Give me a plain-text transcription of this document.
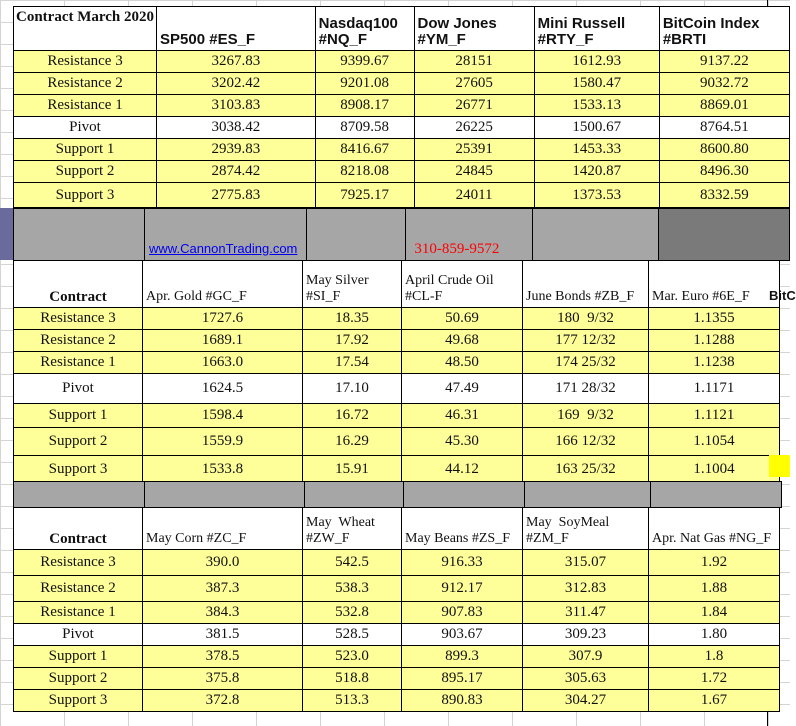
Contract March 2020	SP500 #ES_F	Nasdaq100 #NQ_F	Dow Jones #YM_F	Mini Russell #RTY_F	BitCoin Index #BRTI
Resistance 3	3267.83	9399.67	28151	1612.93	9137.22
Resistance 2	3202.42	9201.08	27605	1580.47	9032.72
Resistance 1	3103.83	8908.17	26771	1533.13	8869.01
Pivot	3038.42	8709.58	26225	1500.67	8764.51
Support 1	2939.83	8416.67	25391	1453.33	8600.80
Support 2	2874.42	8218.08	24845	1420.87	8496.30
Support 3	2775.83	7925.17	24011	1373.53	8332.59
	www.CannonTrading.com		310-859-9572		
Contract	Apr. Gold #GC_F	May Silver #SI_F	April Crude Oil #CL-F	June Bonds #ZB_F	Mar. Euro #6E_F
Resistance 3	1727.6	18.35	50.69	180  9/32	1.1355
Resistance 2	1689.1	17.92	49.68	177 12/32	1.1288
Resistance 1	1663.0	17.54	48.50	174 25/32	1.1238
Pivot	1624.5	17.10	47.49	171 28/32	1.1171
Support 1	1598.4	16.72	46.31	169  9/32	1.1121
Support 2	1559.9	16.29	45.30	166 12/32	1.1054
Support 3	1533.8	15.91	44.12	163 25/32	1.1004
BitC

Contract	May Corn #ZC_F	May  Wheat #ZW_F	May Beans #ZS_F	May  SoyMeal #ZM_F	Apr. Nat Gas #NG_F
Resistance 3	390.0	542.5	916.33	315.07	1.92
Resistance 2	387.3	538.3	912.17	312.83	1.88
Resistance 1	384.3	532.8	907.83	311.47	1.84
Pivot	381.5	528.5	903.67	309.23	1.80
Support 1	378.5	523.0	899.3	307.9	1.8
Support 2	375.8	518.8	895.17	305.63	1.72
Support 3	372.8	513.3	890.83	304.27	1.67
